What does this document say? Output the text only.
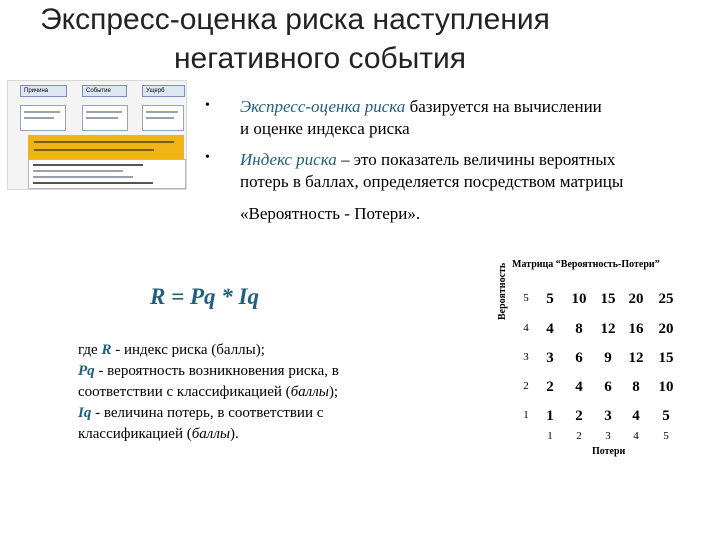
Экспресс-оценка риска наступления
негативного события
Причина	Событие	Ущерб
• Экспресс-оценка риска базируется на вычислении
и оценке индекса риска
• Индекс риска – это показатель величины вероятных
потерь в баллах, определяется посредством матрицы
«Вероятность - Потери».
R = Pq * Iq
где R - индекс риска (баллы);
Pq - вероятность возникновения риска, в соответствии с классификацией (баллы);
Iq - величина потерь, в соответствии с классификацией (баллы).
Матрица “Вероятность-Потери”
Вероятность
Потери
5	5	10 15 20	25
4	4	8	12 16	20
3	3	6	9	12	15
2	2	4	6	8	10
1	1	2	3	4	5
1	2	3	4	5
